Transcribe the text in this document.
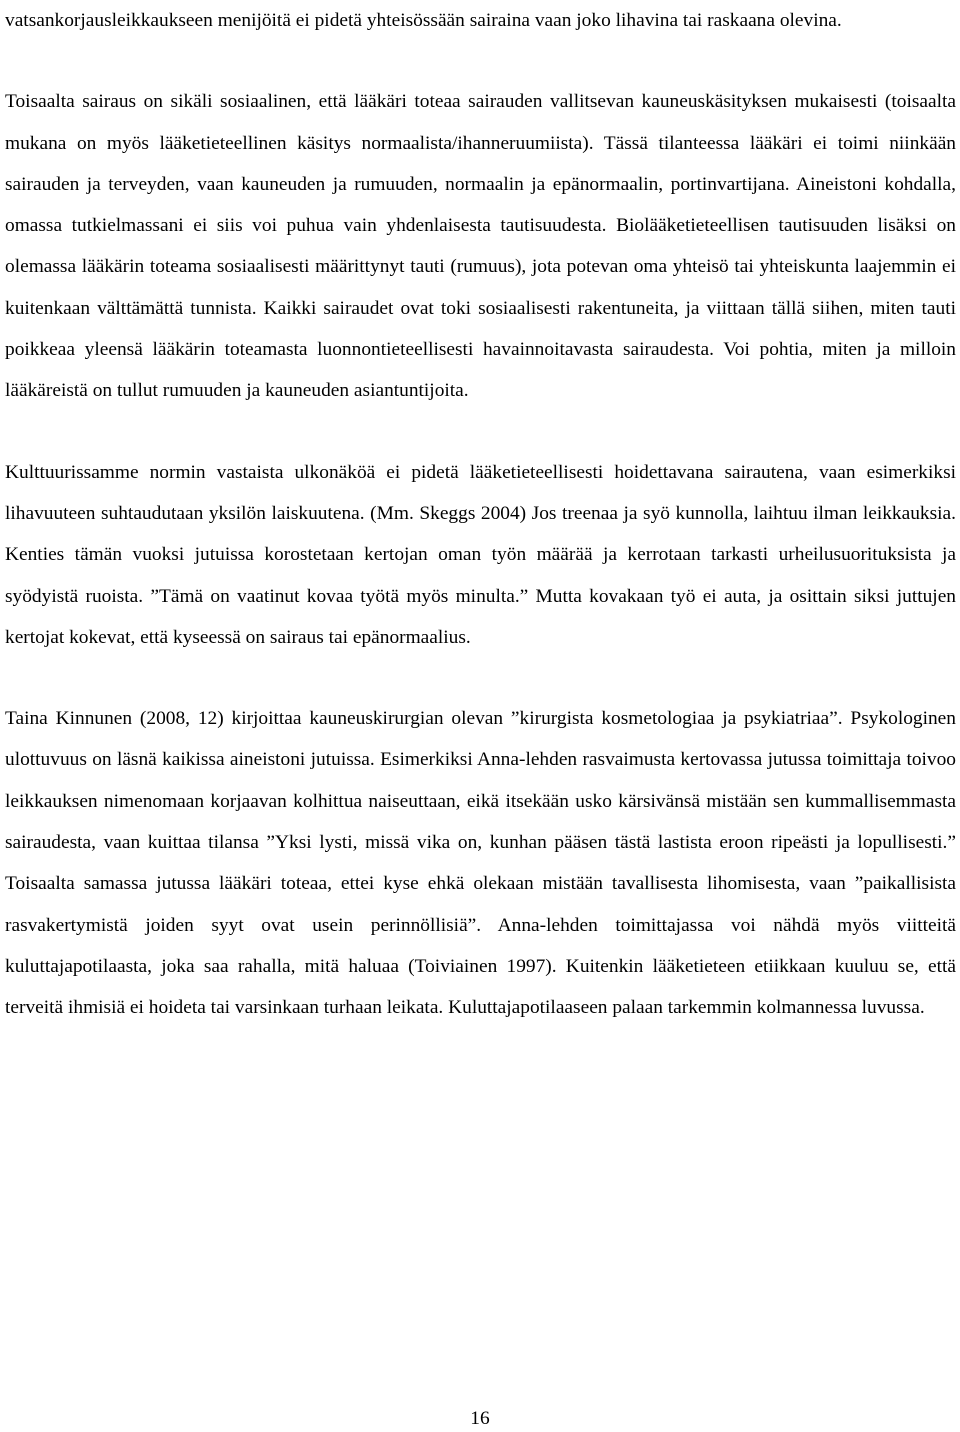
vatsankorjausleikkaukseen menijöitä ei pidetä yhteisössään sairaina vaan joko lihavina tai raskaana olevina.

Toisaalta sairaus on sikäli sosiaalinen, että lääkäri toteaa sairauden vallitsevan kauneuskäsityksen mukaisesti (toisaalta mukana on myös lääketieteellinen käsitys normaalista/ihanneruumiista). Tässä tilanteessa lääkäri ei toimi niinkään sairauden ja terveyden, vaan kauneuden ja rumuuden, normaalin ja epänormaalin, portinvartijana. Aineistoni kohdalla, omassa tutkielmassani ei siis voi puhua vain yhdenlaisesta tautisuudesta. Biolääketieteellisen tautisuuden lisäksi on olemassa lääkärin toteama sosiaalisesti määrittynyt tauti (rumuus), jota potevan oma yhteisö tai yhteiskunta laajemmin ei kuitenkaan välttämättä tunnista. Kaikki sairaudet ovat toki sosiaalisesti rakentuneita, ja viittaan tällä siihen, miten tauti poikkeaa yleensä lääkärin toteamasta luonnontieteellisesti havainnoitavasta sairaudesta. Voi pohtia, miten ja milloin lääkäreistä on tullut rumuuden ja kauneuden asiantuntijoita.

Kulttuurissamme normin vastaista ulkonäköä ei pidetä lääketieteellisesti hoidettavana sairautena, vaan esimerkiksi lihavuuteen suhtaudutaan yksilön laiskuutena. (Mm. Skeggs 2004) Jos treenaa ja syö kunnolla, laihtuu ilman leikkauksia. Kenties tämän vuoksi jutuissa korostetaan kertojan oman työn määrää ja kerrotaan tarkasti urheilusuorituksista ja syödyistä ruoista. ”Tämä on vaatinut kovaa työtä myös minulta.” Mutta kovakaan työ ei auta, ja osittain siksi juttujen kertojat kokevat, että kyseessä on sairaus tai epänormaalius.

Taina Kinnunen (2008, 12) kirjoittaa kauneuskirurgian olevan ”kirurgista kosmetologiaa ja psykiatriaa”. Psykologinen ulottuvuus on läsnä kaikissa aineistoni jutuissa. Esimerkiksi Anna-lehden rasvaimusta kertovassa jutussa toimittaja toivoo leikkauksen nimenomaan korjaavan kolhittua naiseuttaan, eikä itsekään usko kärsivänsä mistään sen kummallisemmasta sairaudesta, vaan kuittaa tilansa ”Yksi lysti, missä vika on, kunhan pääsen tästä lastista eroon ripeästi ja lopullisesti.” Toisaalta samassa jutussa lääkäri toteaa, ettei kyse ehkä olekaan mistään tavallisesta lihomisesta, vaan ”paikallisista rasvakertymistä joiden syyt ovat usein perinnöllisiä”. Anna-lehden toimittajassa voi nähdä myös viitteitä kuluttajapotilaasta, joka saa rahalla, mitä haluaa (Toiviainen 1997). Kuitenkin lääketieteen etiikkaan kuuluu se, että terveitä ihmisiä ei hoideta tai varsinkaan turhaan leikata. Kuluttajapotilaaseen palaan tarkemmin kolmannessa luvussa.

16
